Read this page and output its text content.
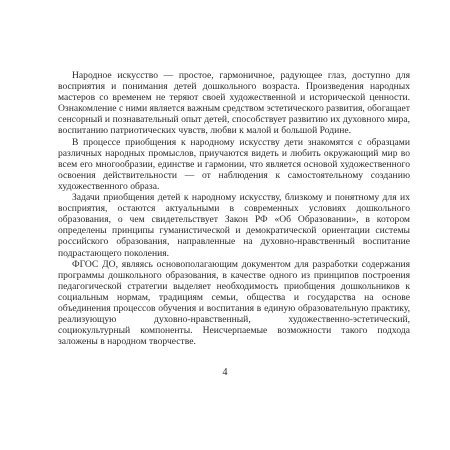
Народное искусство — простое, гармоничное, радующее глаз, доступно для восприятия и понимания детей дошкольного возраста. Произведения народных мастеров со временем не теряют своей художественной и исторической ценности. Ознакомление с ними является важным средством эстетического развития, обогащает сенсорный и познавательный опыт детей, способствует развитию их духовного мира, воспитанию патриотических чувств, любви к малой и большой Родине.

В процессе приобщения к народному искусству дети знакомятся с образцами различных народных промыслов, приучаются видеть и любить окружающий мир во всем его многообразии, единстве и гармонии, что является основой художественного освоения действительности — от наблюдения к самостоятельному созданию художественного образа.

Задачи приобщения детей к народному искусству, близкому и понятному для их восприятия, остаются актуальными в современных условиях дошкольного образования, о чем свидетельствует Закон РФ «Об Образовании», в котором определены принципы гуманистической и демократической ориентации системы российского образования, направленные на духовно-нравственный воспитание подрастающего поколения.

ФГОС ДО, являясь основополагающим документом для разработки содержания программы дошкольного образования, в качестве одного из принципов построения педагогической стратегии выделяет необходимость приобщения дошкольников к социальным нормам, традициям семьи, общества и государства на основе объединения процессов обучения и воспитания в единую образовательную практику, реализующую духовно-нравственный, художественно-эстетический, социокультурный компоненты. Неисчерпаемые возможности такого подхода заложены в народном творчестве.

4
